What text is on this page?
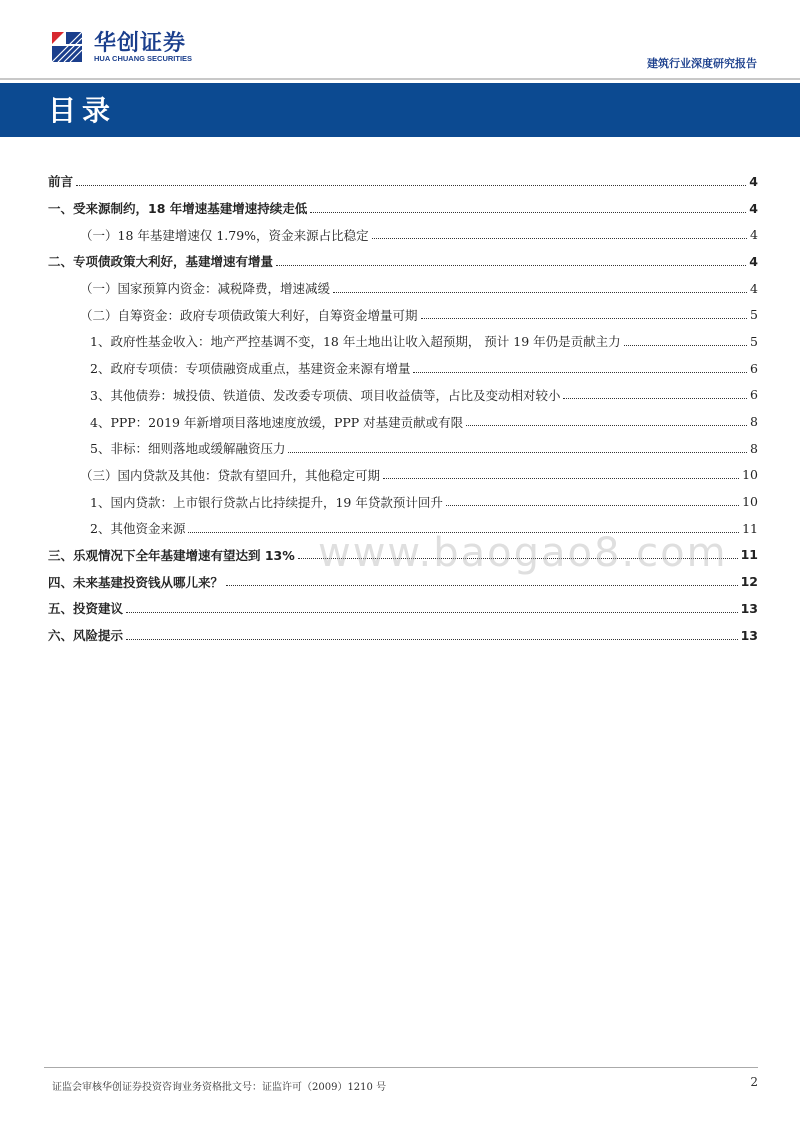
华创证券
HUA CHUANG SECURITIES	建筑行业深度研究报告
目录
前言	4
一、受来源制约，18 年增速基建增速持续走低	4
（一）18 年基建增速仅 1.79%，资金来源占比稳定	4
二、专项债政策大利好，基建增速有增量	4
（一）国家预算内资金：减税降费，增速减缓	4
（二）自筹资金：政府专项债政策大利好，自筹资金增量可期	5
1、政府性基金收入：地产严控基调不变，18 年土地出让收入超预期， 预计 19 年仍是贡献主力	5
2、政府专项债：专项债融资成重点，基建资金来源有增量	6
3、其他债券：城投债、铁道债、发改委专项债、项目收益债等，占比及变动相对较小	6
4、PPP：2019 年新增项目落地速度放缓，PPP 对基建贡献或有限	8
5、非标：细则落地或缓解融资压力	8
（三）国内贷款及其他：贷款有望回升，其他稳定可期	10
1、国内贷款：上市银行贷款占比持续提升，19 年贷款预计回升	10
2、其他资金来源	11
三、乐观情况下全年基建增速有望达到 13%	11
四、未来基建投资钱从哪儿来？	12
五、投资建议	13
六、风险提示	13
www.baogao8.com
证监会审核华创证券投资咨询业务资格批文号：证监许可（2009）1210 号	2
